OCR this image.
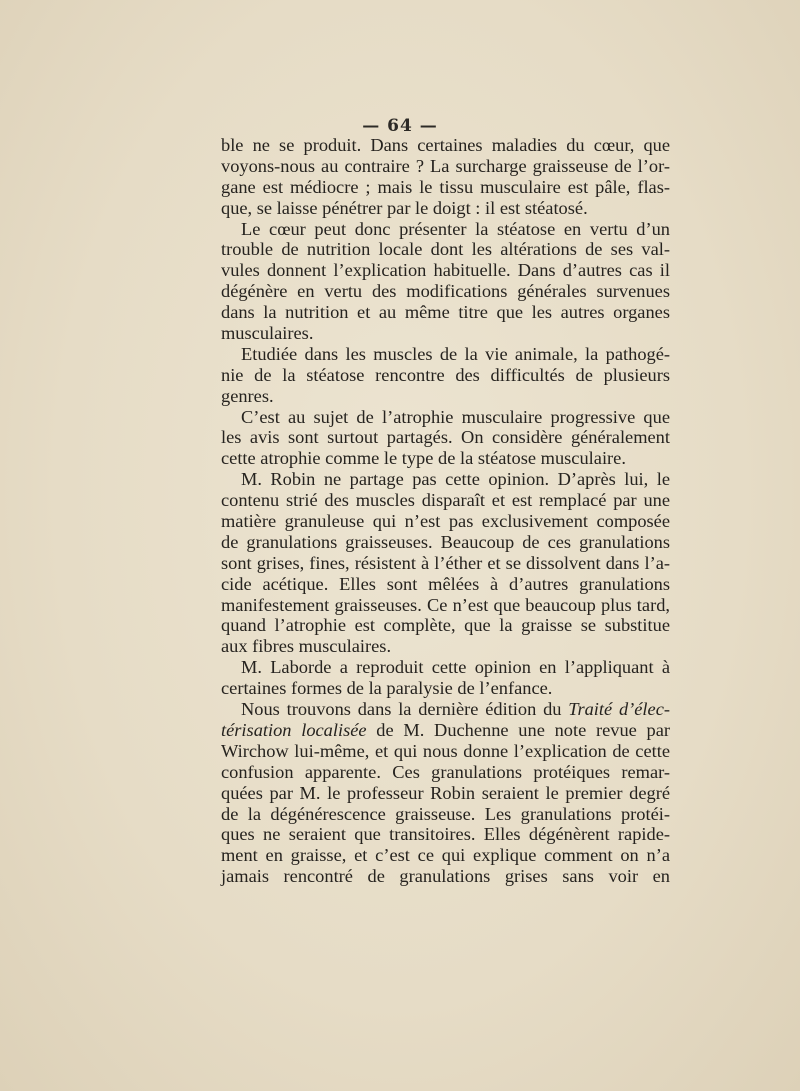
— 64 —
ble ne se produit. Dans certaines maladies du cœur, que
voyons-nous au contraire ? La surcharge graisseuse de l’or-
gane est médiocre ; mais le tissu musculaire est pâle, flas-
que, se laisse pénétrer par le doigt : il est stéatosé.
Le cœur peut donc présenter la stéatose en vertu d’un
trouble de nutrition locale dont les altérations de ses val-
vules donnent l’explication habituelle. Dans d’autres cas il
dégénère en vertu des modifications générales survenues
dans la nutrition et au même titre que les autres organes
musculaires.
Etudiée dans les muscles de la vie animale, la pathogé-
nie de la stéatose rencontre des difficultés de plusieurs
genres.
C’est au sujet de l’atrophie musculaire progressive que
les avis sont surtout partagés. On considère généralement
cette atrophie comme le type de la stéatose musculaire.
M. Robin ne partage pas cette opinion. D’après lui, le
contenu strié des muscles disparaît et est remplacé par une
matière granuleuse qui n’est pas exclusivement composée
de granulations graisseuses. Beaucoup de ces granulations
sont grises, fines, résistent à l’éther et se dissolvent dans l’a-
cide acétique. Elles sont mêlées à d’autres granulations
manifestement graisseuses. Ce n’est que beaucoup plus tard,
quand l’atrophie est complète, que la graisse se substitue
aux fibres musculaires.
M. Laborde a reproduit cette opinion en l’appliquant à
certaines formes de la paralysie de l’enfance.
Nous trouvons dans la dernière édition du Traité d’élec-
térisation localisée de M. Duchenne une note revue par
Wirchow lui-même, et qui nous donne l’explication de cette
confusion apparente. Ces granulations protéiques remar-
quées par M. le professeur Robin seraient le premier degré
de la dégénérescence graisseuse. Les granulations protéi-
ques ne seraient que transitoires. Elles dégénèrent rapide-
ment en graisse, et c’est ce qui explique comment on n’a
jamais rencontré de granulations grises sans voir en
